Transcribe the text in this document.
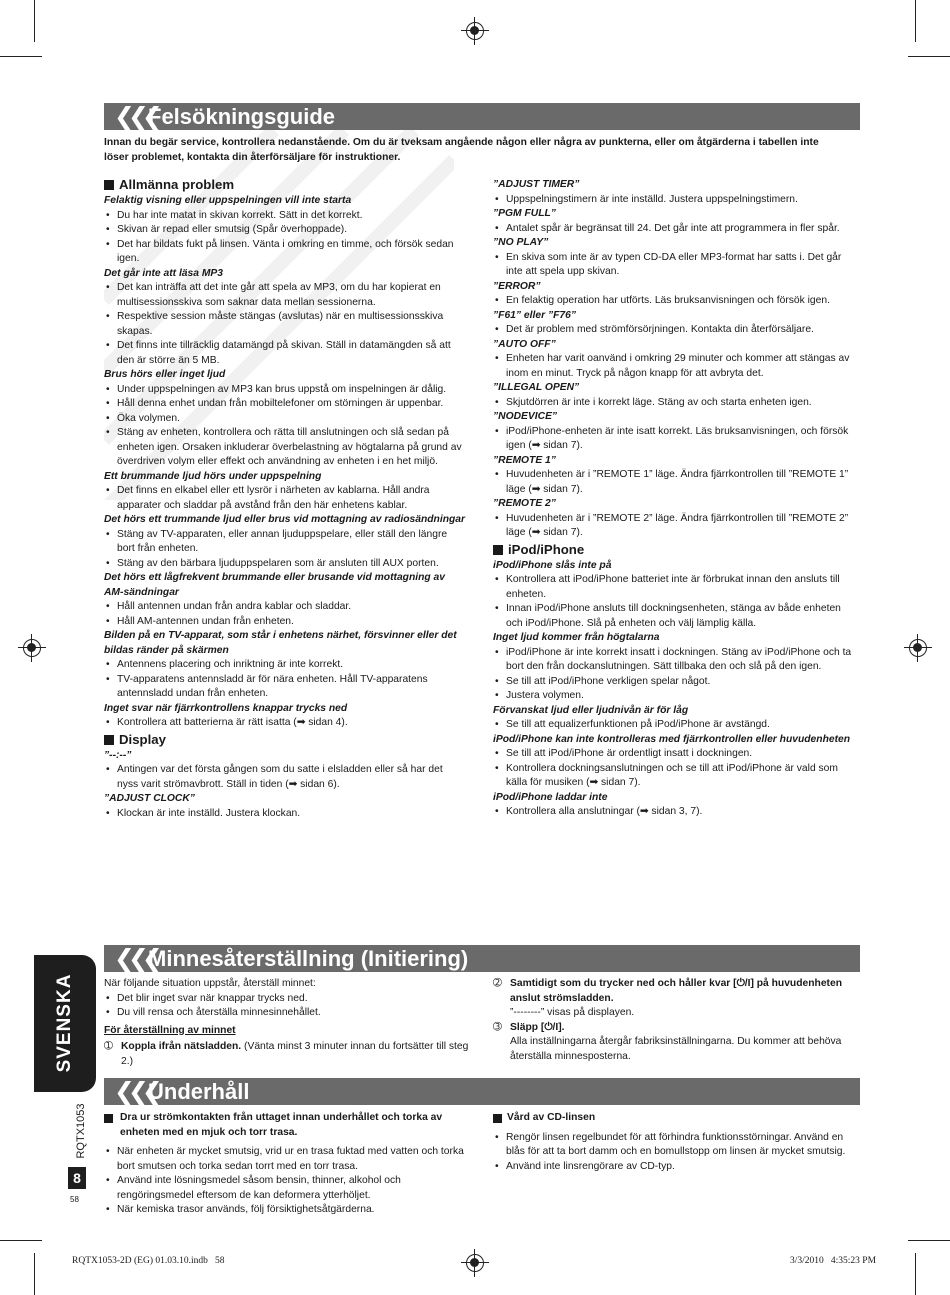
❮❮❮
Felsökningsguide
Innan du begär service, kontrollera nedanstående. Om du är tveksam angående någon eller några av punkterna, eller om åtgärderna i tabellen inte löser problemet, kontakta din återförsäljare för instruktioner.

Allmänna problem

Felaktig visning eller uppspelningen vill inte starta

• Du har inte matat in skivan korrekt. Sätt in det korrekt.

• Skivan är repad eller smutsig (Spår överhoppade).

• Det har bildats fukt på linsen. Vänta i omkring en timme, och försök sedan igen.

Det går inte att läsa MP3

• Det kan inträffa att det inte går att spela av MP3, om du har kopierat en multisessionsskiva som saknar data mellan sessionerna.

• Respektive session måste stängas (avslutas) när en multisessionsskiva skapas.

• Det finns inte tillräcklig datamängd på skivan. Ställ in datamängden så att den är större än 5 MB.

Brus hörs eller inget ljud

• Under uppspelningen av MP3 kan brus uppstå om inspelningen är dålig.

• Håll denna enhet undan från mobiltelefoner om störningen är uppenbar.

• Öka volymen.

• Stäng av enheten, kontrollera och rätta till anslutningen och slå sedan på enheten igen. Orsaken inkluderar överbelastning av högtalarna på grund av överdriven volym eller effekt och användning av enheten i en het miljö.

Ett brummande ljud hörs under uppspelning

• Det finns en elkabel eller ett lysrör i närheten av kablarna. Håll andra apparater och sladdar på avstånd från den här enhetens kablar.

Det hörs ett trummande ljud eller brus vid mottagning av radiosändningar

• Stäng av TV-apparaten, eller annan ljuduppspelare, eller ställ den längre bort från enheten.

• Stäng av den bärbara ljuduppspelaren som är ansluten till AUX porten.

Det hörs ett lågfrekvent brummande eller brusande vid mottagning av AM-sändningar

• Håll antennen undan från andra kablar och sladdar.

• Håll AM-antennen undan från enheten.

Bilden på en TV-apparat, som står i enhetens närhet, försvinner eller det bildas ränder på skärmen

• Antennens placering och inriktning är inte korrekt.

• TV-apparatens antennsladd är för nära enheten. Håll TV-apparatens antennsladd undan från enheten.

Inget svar när fjärrkontrollens knappar trycks ned

• Kontrollera att batterierna är rätt isatta (➡ sidan 4).

Display

”--:--”

• Antingen var det första gången som du satte i elsladden eller så har det nyss varit strömavbrott. Ställ in tiden (➡ sidan 6).

”ADJUST CLOCK”

• Klockan är inte inställd. Justera klockan.

”ADJUST TIMER”

• Uppspelningstimern är inte inställd. Justera uppspelningstimern.

”PGM FULL”

• Antalet spår är begränsat till 24. Det går inte att programmera in fler spår.

”NO PLAY”

• En skiva som inte är av typen CD-DA eller MP3-format har satts i. Det går inte att spela upp skivan.

”ERROR”

• En felaktig operation har utförts. Läs bruksanvisningen och försök igen.

”F61” eller ”F76”

• Det är problem med strömförsörjningen. Kontakta din återförsäljare.

”AUTO OFF”

• Enheten har varit oanvänd i omkring 29 minuter och kommer att stängas av inom en minut. Tryck på någon knapp för att avbryta det.

”ILLEGAL OPEN”

• Skjutdörren är inte i korrekt läge. Stäng av och starta enheten igen.

”NODEVICE”

• iPod/iPhone-enheten är inte isatt korrekt. Läs bruksanvisningen, och försök igen (➡ sidan 7).

”REMOTE 1”

• Huvudenheten är i ”REMOTE 1” läge. Ändra fjärrkontrollen till ”REMOTE 1” läge (➡ sidan 7).

”REMOTE 2”

• Huvudenheten är i ”REMOTE 2” läge. Ändra fjärrkontrollen till ”REMOTE 2” läge (➡ sidan 7).

iPod/iPhone

iPod/iPhone slås inte på

• Kontrollera att iPod/iPhone batteriet inte är förbrukat innan den ansluts till enheten.

• Innan iPod/iPhone ansluts till dockningsenheten, stänga av både enheten och iPod/iPhone. Slå på enheten och välj lämplig källa.

Inget ljud kommer från högtalarna

• iPod/iPhone är inte korrekt insatt i dockningen. Stäng av iPod/iPhone och ta bort den från dockanslutningen. Sätt tillbaka den och slå på den igen.

• Se till att iPod/iPhone verkligen spelar något.

• Justera volymen.

Förvanskat ljud eller ljudnivån är för låg

• Se till att equalizerfunktionen på iPod/iPhone är avstängd.

iPod/iPhone kan inte kontrolleras med fjärrkontrollen eller huvudenheten

• Se till att iPod/iPhone är ordentligt insatt i dockningen.

• Kontrollera dockningsanslutningen och se till att iPod/iPhone är vald som källa för musiken (➡ sidan 7).

iPod/iPhone laddar inte

• Kontrollera alla anslutningar (➡ sidan 3, 7).

❮❮❮
Minnesåterställning (Initiering)

När följande situation uppstår, återställ minnet:

• Det blir inget svar när knappar trycks ned.

• Du vill rensa och återställa minnesinnehållet.

För återställning av minnet

➀ Koppla ifrån nätsladden. (Vänta minst 3 minuter innan du fortsätter till steg 2.)

➁ Samtidigt som du trycker ned och håller kvar [⏻/I] på huvudenheten anslut strömsladden.

”--------” visas på displayen.

➂ Släpp [⏻/I].

Alla inställningarna återgår fabriksinställningarna. Du kommer att behöva återställa minnesposterna.

❮❮❮
Underhåll

Dra ur strömkontakten från uttaget innan underhållet och torka av enheten med en mjuk och torr trasa.

• När enheten är mycket smutsig, vrid ur en trasa fuktad med vatten och torka bort smutsen och torka sedan torrt med en torr trasa.

• Använd inte lösningsmedel såsom bensin, thinner, alkohol och rengöringsmedel eftersom de kan deformera ytterhöljet.

• När kemiska trasor används, följ försiktighetsåtgärderna.

Vård av CD-linsen

• Rengör linsen regelbundet för att förhindra funktionsstörningar. Använd en blås för att ta bort damm och en bomullstopp om linsen är mycket smutsig.

• Använd inte linsrengörare av CD-typ.

SVENSKA
RQTX1053
8
58
RQTX1053-2D (EG) 01.03.10.indb   58	3/3/2010   4:35:23 PM
